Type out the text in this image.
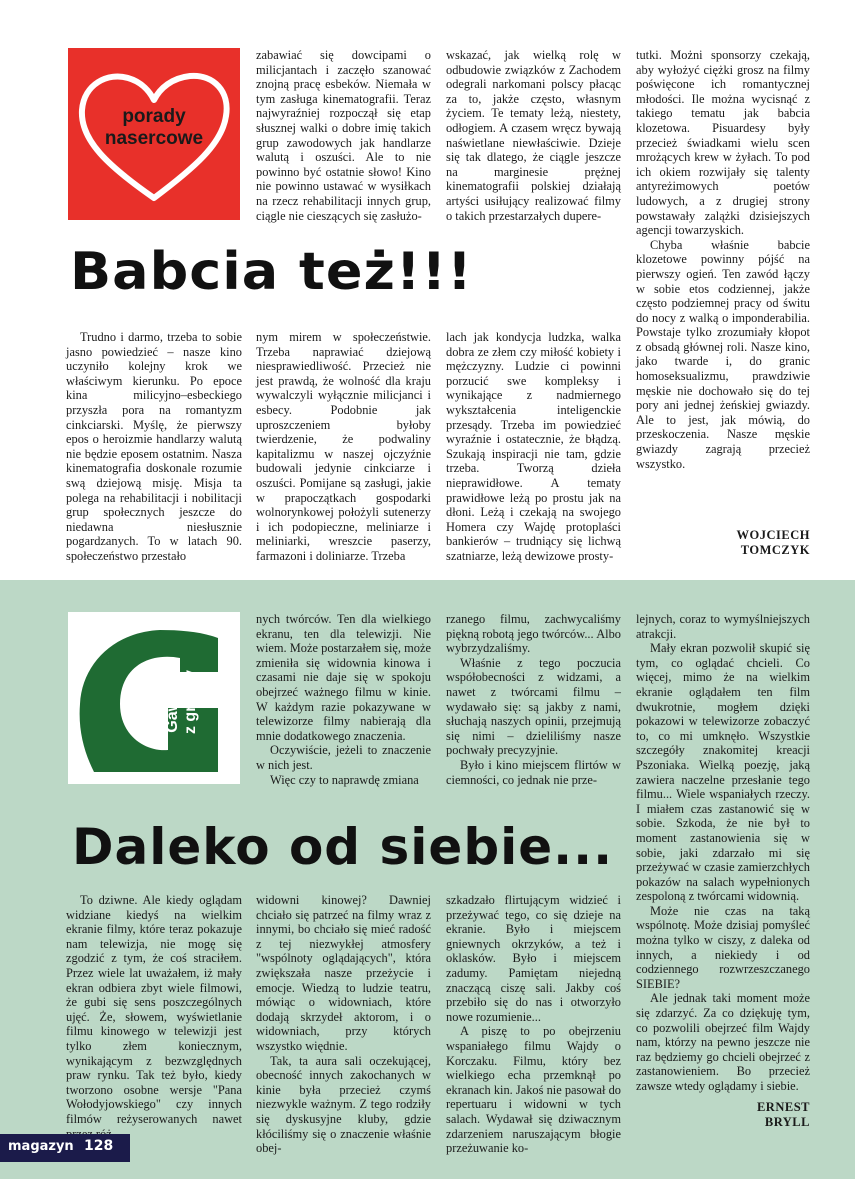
porady
nasercowe

zabawiać się dowcipami o milicjantach i zaczęło szanować znojną pracę esbeków. Niemała w tym zasługa kinematografii. Teraz najwyraźniej rozpoczął się etap słusznej walki o dobre imię takich grup zawodowych jak handlarze walutą i oszuści. Ale to nie powinno być ostatnie słowo! Kino nie powinno ustawać w wysiłkach na rzecz rehabilitacji innych grup, ciągle nie cieszących się zasłużo-

wskazać, jak wielką rolę w odbudowie związków z Zachodem odegrali narkomani polscy płacąc za to, jakże często, własnym życiem. Te tematy leżą, niestety, odłogiem. A czasem wręcz bywają naświetlane niewłaściwie. Dzieje się tak dlatego, że ciągle jeszcze na marginesie prężnej kinematografii polskiej działają artyści usiłujący realizować filmy o takich przestarzałych dupere-

tutki. Możni sponsorzy czekają, aby wyłożyć ciężki grosz na filmy poświęcone ich romantycznej młodości. Ile można wycisnąć z takiego tematu jak babcia klozetowa. Pisuardesy były przecież świadkami wielu scen mrożących krew w żyłach. To pod ich okiem rozwijały się talenty antyreżimowych poetów ludowych, a z drugiej strony powstawały zalążki dzisiejszych agencji towarzyskich.

Chyba właśnie babcie klozetowe powinny pójść na pierwszy ogień. Ten zawód łączy w sobie etos codziennej, jakże często podziemnej pracy od świtu do nocy z walką o imponderabilia. Powstaje tylko zrozumiały kłopot z obsadą głównej roli. Nasze kino, jako twarde i, do granic homoseksualizmu, prawdziwie męskie nie dochowało się do tej pory ani jednej żeńskiej gwiazdy. Ale to jest, jak mówią, do przeskoczenia. Nasze męskie gwiazdy zagrają przecież wszystko.

Babcia też!!!

Trudno i darmo, trzeba to sobie jasno powiedzieć – nasze kino uczyniło kolejny krok we właściwym kierunku. Po epoce kina milicyjno–esbeckiego przyszła pora na romantyzm cinkciarski. Myślę, że pierwszy epos o heroizmie handlarzy walutą nie będzie eposem ostatnim. Nasza kinematografia doskonale rozumie swą dziejową misję. Misja ta polega na rehabilitacji i nobilitacji grup społecznych jeszcze do niedawna niesłusznie pogardzanych. To w latach 90. społeczeństwo przestało

nym mirem w społeczeństwie. Trzeba naprawiać dziejową niesprawiedliwość. Przecież nie jest prawdą, że wolność dla kraju wywalczyli wyłącznie milicjanci i esbecy. Podobnie jak uproszczeniem byłoby twierdzenie, że podwaliny kapitalizmu w naszej ojczyźnie budowali jedynie cinkciarze i oszuści. Pomijane są zasługi, jakie w prapoczątkach gospodarki wolnorynkowej położyli sutenerzy i ich podopieczne, meliniarze i meliniarki, wreszcie paserzy, farmazoni i doliniarze. Trzeba

lach jak kondycja ludzka, walka dobra ze złem czy miłość kobiety i mężczyzny. Ludzie ci powinni porzucić swe kompleksy i wynikające z nadmiernego wykształcenia inteligenckie przesądy. Trzeba im powiedzieć wyraźnie i ostatecznie, że błądzą. Szukają inspiracji nie tam, gdzie trzeba. Tworzą dzieła nieprawidłowe. A tematy prawidłowe leżą po prostu jak na dłoni. Leżą i czekają na swojego Homera czy Wajdę protoplaści bankierów – trudniący się lichwą szatniarze, leżą dewizowe prosty-

WOJCIECH
TOMCZYK
Gawędy z grzędy

nych twórców. Ten dla wielkiego ekranu, ten dla telewizji. Nie wiem. Może postarzałem się, może zmieniła się widownia kinowa i czasami nie daje się w spokoju obejrzeć ważnego filmu w kinie. W każdym razie pokazywane w telewizorze filmy nabierają dla mnie dodatkowego znaczenia.

Oczywiście, jeżeli to znaczenie w nich jest.

Więc czy to naprawdę zmiana

rzanego filmu, zachwycaliśmy piękną robotą jego twórców... Albo wybrzydzaliśmy.

Właśnie z tego poczucia współobecności z widzami, a nawet z twórcami filmu – wydawało się: są jakby z nami, słuchają naszych opinii, przejmują się nimi – dzieliliśmy nasze pochwały precyzyjnie.

Było i kino miejscem flirtów w ciemności, co jednak nie prze-

lejnych, coraz to wymyślniejszych atrakcji.

Mały ekran pozwolił skupić się tym, co oglądać chcieli. Co więcej, mimo że na wielkim ekranie oglądałem ten film dwukrotnie, mogłem dzięki pokazowi w telewizorze zobaczyć to, co mi umknęło. Wszystkie szczegóły znakomitej kreacji Pszoniaka. Wielką poezję, jaką zawiera naczelne przesłanie tego filmu... Wiele wspaniałych rzeczy. I miałem czas zastanowić się w sobie. Szkoda, że nie był to moment zastanowienia się w sobie, jaki zdarzało mi się przeżywać w czasie zamierzchłych pokazów na salach wypełnionych zespoloną z twórcami widownią.

Może nie czas na taką wspólnotę. Może dzisiaj pomyśleć można tylko w ciszy, z daleka od innych, a niekiedy i od codziennego rozwrzeszczanego SIEBIE?

Ale jednak taki moment może się zdarzyć. Za co dziękuję tym, co pozwolili obejrzeć film Wajdy nam, którzy na pewno jeszcze nie raz będziemy go chcieli obejrzeć z zastanowieniem. Bo przecież zawsze wtedy oglądamy i siebie.

Daleko od siebie...

To dziwne. Ale kiedy oglądam widziane kiedyś na wielkim ekranie filmy, które teraz pokazuje nam telewizja, nie mogę się zgodzić z tym, że coś straciłem. Przez wiele lat uważałem, iż mały ekran odbiera zbyt wiele filmowi, że gubi się sens poszczególnych ujęć. Że, słowem, wyświetlanie filmu kinowego w telewizji jest tylko złem koniecznym, wynikającym z bezwzględnych praw rynku. Tak też było, kiedy tworzono osobne wersje "Pana Wołodyjowskiego" czy innych filmów reżyserowanych nawet

widowni kinowej? Dawniej chciało się patrzeć na filmy wraz z innymi, bo chciało się mieć radość z tej niezwykłej atmosfery "wspólnoty oglądających", która zwiększała nasze przeżycie i emocje. Wiedzą to ludzie teatru, mówiąc o widowniach, które dodają skrzydeł aktorom, i o widowniach, przy których wszystko więdnie.

Tak, ta aura sali oczekującej, obecność innych zakochanych w kinie była przecież czymś niezwykle ważnym. Z tego rodziły się dyskusyjne kluby, gdzie kłóciliśmy się o znaczenie właśnie obej-

szkadzało flirtującym widzieć i przeżywać tego, co się dzieje na ekranie. Było i miejscem gniewnych okrzyków, a też i oklasków. Było i miejscem zadumy. Pamiętam niejedną znaczącą ciszę sali. Jakby coś przebiło się do nas i otworzyło nowe rozumienie...

A piszę to po obejrzeniu wspaniałego filmu Wajdy o Korczaku. Filmu, który bez wielkiego echa przemknął po ekranach kin. Jakoś nie pasował do repertuaru i widowni w tych salach. Wydawał się dziwacznym zdarzeniem naruszającym błogie przeżuwanie ko-

ERNEST
BRYLL
magazyn 128
